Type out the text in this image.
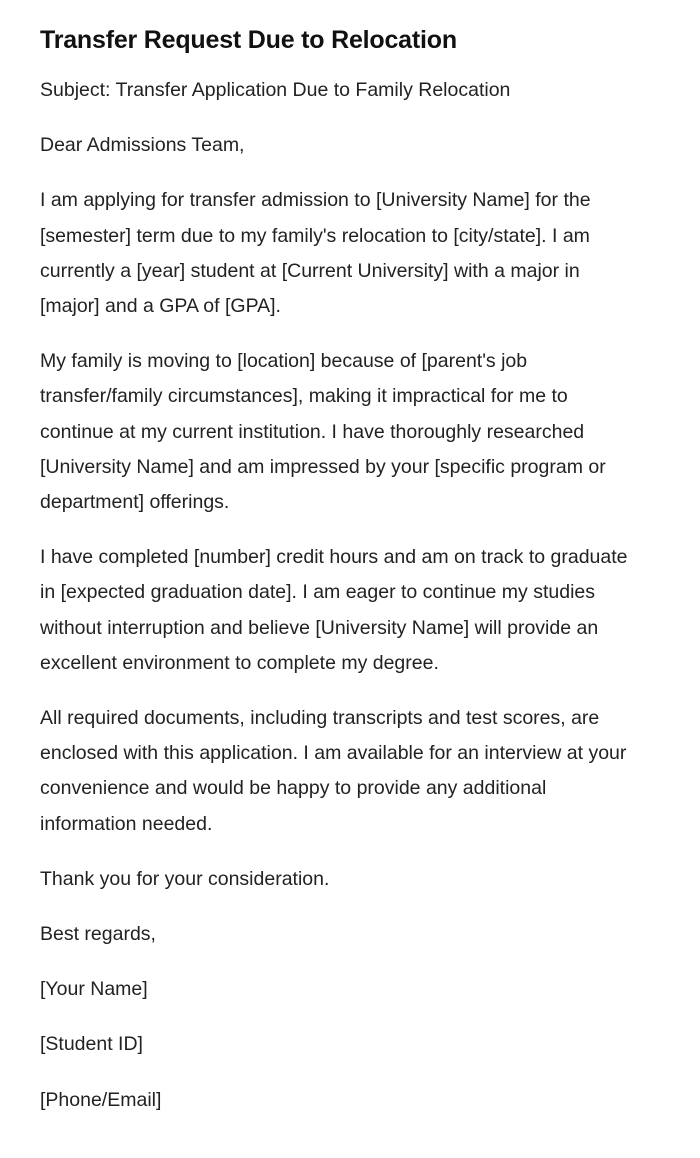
Transfer Request Due to Relocation

Subject: Transfer Application Due to Family Relocation

Dear Admissions Team,

I am applying for transfer admission to [University Name] for the [semester] term due to my family's relocation to [city/state]. I am currently a [year] student at [Current University] with a major in [major] and a GPA of [GPA].

My family is moving to [location] because of [parent's job transfer/family circumstances], making it impractical for me to continue at my current institution. I have thoroughly researched [University Name] and am impressed by your [specific program or department] offerings.

I have completed [number] credit hours and am on track to graduate in [expected graduation date]. I am eager to continue my studies without interruption and believe [University Name] will provide an excellent environment to complete my degree.

All required documents, including transcripts and test scores, are enclosed with this application. I am available for an interview at your convenience and would be happy to provide any additional information needed.

Thank you for your consideration.

Best regards,

[Your Name]

[Student ID]

[Phone/Email]
